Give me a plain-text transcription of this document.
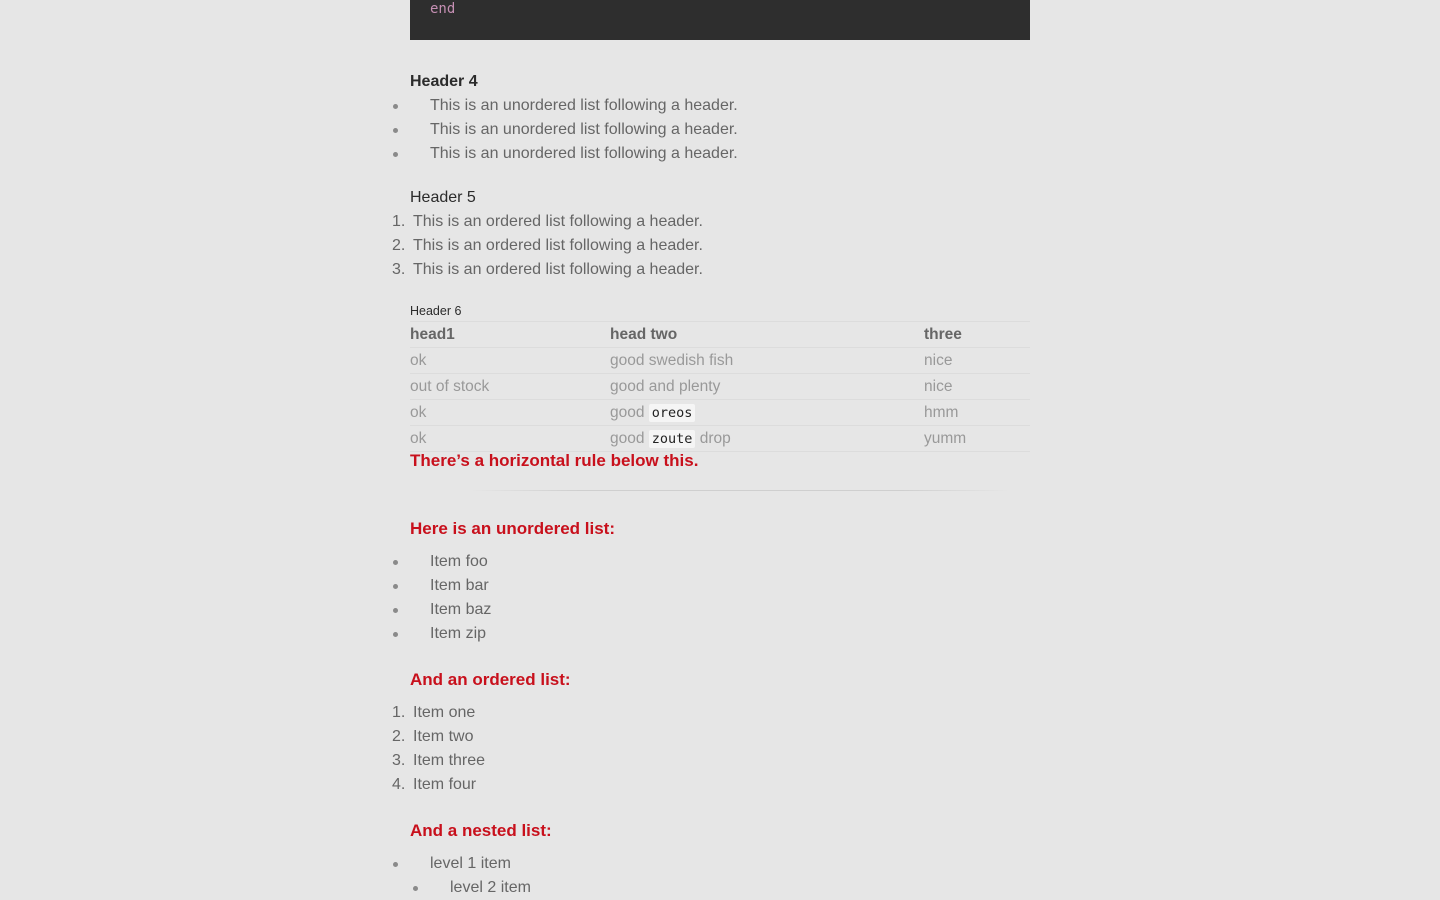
end
Header 4
This is an unordered list following a header.
This is an unordered list following a header.
This is an unordered list following a header.
Header 5
1. This is an ordered list following a header.
2. This is an ordered list following a header.
3. This is an ordered list following a header.
Header 6
head1	head two	three
ok	good swedish fish	nice
out of stock	good and plenty	nice
ok	good oreos	hmm
ok	good zoute drop	yumm
There’s a horizontal rule below this.
Here is an unordered list:
Item foo
Item bar
Item baz
Item zip
And an ordered list:
1. Item one
2. Item two
3. Item three
4. Item four
And a nested list:
level 1 item
level 2 item
